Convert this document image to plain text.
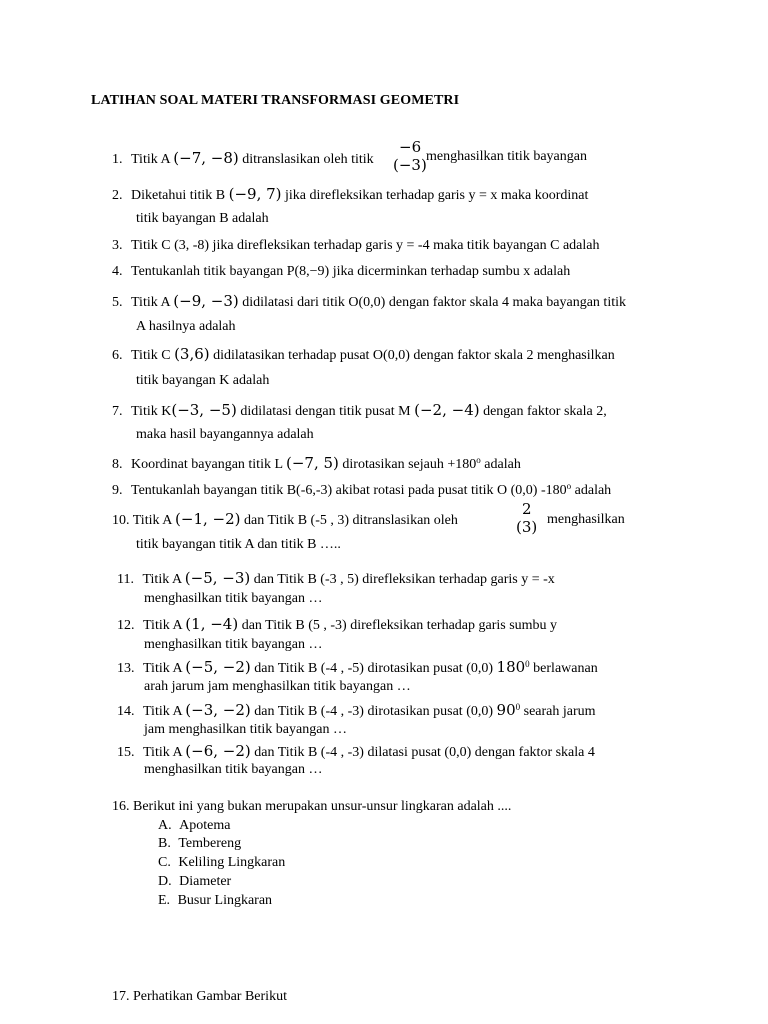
LATIHAN SOAL MATERI TRANSFORMASI GEOMETRI
1. Titik A (−7, −8) ditranslasikan oleh titik
−6
(−3) menghasilkan titik bayangan
2. Diketahui titik B (−9, 7) jika direfleksikan terhadap garis y = x maka koordinat
titik bayangan B adalah
3. Titik C (3, -8) jika direfleksikan terhadap garis y = -4 maka titik bayangan C adalah
4. Tentukanlah titik bayangan P(8,−9) jika dicerminkan terhadap sumbu x adalah
5. Titik A (−9, −3) didilatasi dari titik O(0,0) dengan faktor skala 4 maka bayangan titik
A hasilnya adalah
6. Titik C (3,6) didilatasikan terhadap pusat O(0,0) dengan faktor skala 2 menghasilkan
titik bayangan K adalah
7. Titik K(−3, −5) didilatasi dengan titik pusat M (−2, −4) dengan faktor skala 2,
maka hasil bayangannya adalah
8. Koordinat bayangan titik L (−7, 5) dirotasikan sejauh $+180^o$ adalah
9. Tentukanlah bayangan titik B(-6,-3) akibat rotasi pada pusat titik O (0,0) -180$^o$ adalah
10. Titik A (−1, −2) dan Titik B (-5 , 3) ditranslasikan oleh
2
(3) menghasilkan
titik bayangan titik A dan titik B …..
11. Titik A (−5, −3) dan Titik B (-3 , 5) direfleksikan terhadap garis y = -x
menghasilkan titik bayangan …
12. Titik A (1, −4) dan Titik B (5 , -3) direfleksikan terhadap garis sumbu y
menghasilkan titik bayangan …
13. Titik A (−5, −2) dan Titik B (-4 , -5) dirotasikan pusat (0,0) $180^0$ berlawanan
arah jarum jam menghasilkan titik bayangan …
14. Titik A (−3, −2) dan Titik B (-4 , -3) dirotasikan pusat (0,0) $90^0$ searah jarum
jam menghasilkan titik bayangan …
15. Titik A (−6, −2) dan Titik B (-4 , -3) dilatasi pusat (0,0) dengan faktor skala 4
menghasilkan titik bayangan …
16. Berikut ini yang bukan merupakan unsur-unsur lingkaran adalah ....
A. Apotema
B. Tembereng
C. Keliling Lingkaran
D. Diameter
E. Busur Lingkaran
17. Perhatikan Gambar Berikut
